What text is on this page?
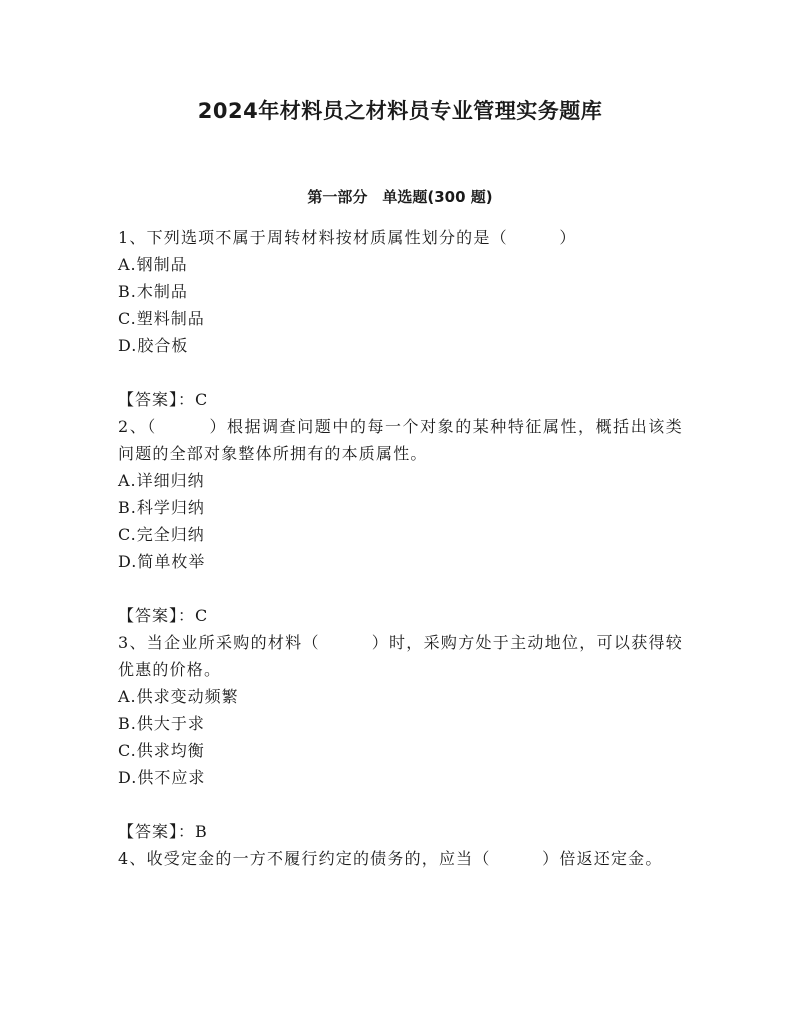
2024年材料员之材料员专业管理实务题库
第一部分　单选题(300 题)

1、下列选项不属于周转材料按材质属性划分的是（　　　）

A.钢制品

B.木制品

C.塑料制品

D.胶合板

【答案】：C

2、（　　　）根据调查问题中的每一个对象的某种特征属性，概括出该类问题的全部对象整体所拥有的本质属性。

A.详细归纳

B.科学归纳

C.完全归纳

D.简单枚举

【答案】：C

3、当企业所采购的材料（　　　）时，采购方处于主动地位，可以获得较优惠的价格。

A.供求变动频繁

B.供大于求

C.供求均衡

D.供不应求

【答案】：B

4、收受定金的一方不履行约定的债务的，应当（　　　）倍返还定金。
